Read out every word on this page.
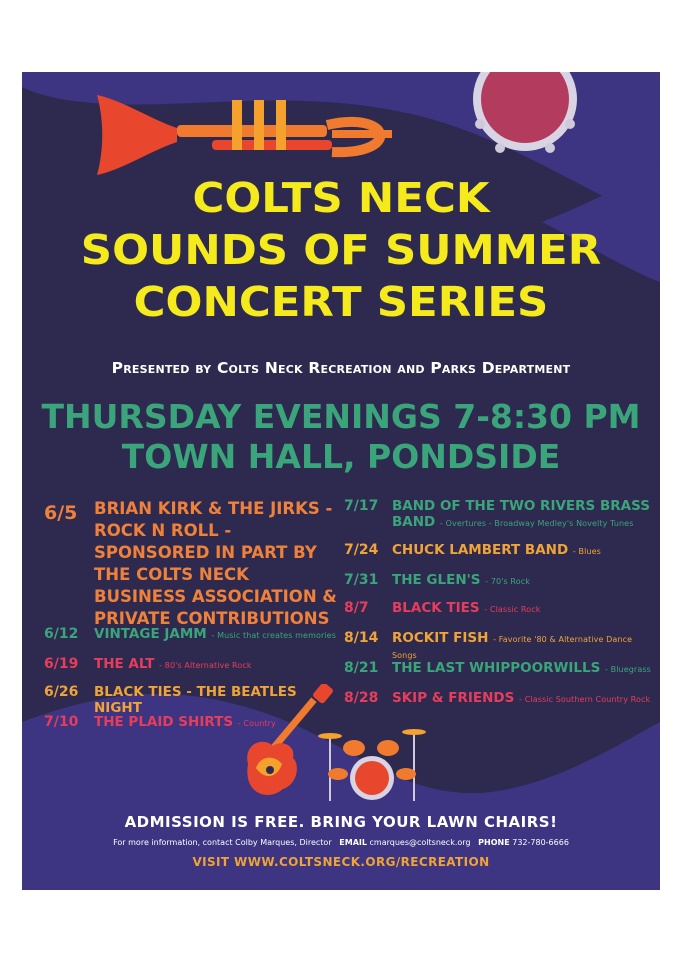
COLTS NECK
SOUNDS OF SUMMER
CONCERT SERIES
Presented by Colts Neck Recreation and Parks Department
THURSDAY EVENINGS 7-8:30 PM
TOWN HALL, PONDSIDE
6/5 BRIAN KIRK & THE JIRKS - ROCK N ROLL - SPONSORED IN PART BY THE COLTS NECK BUSINESS ASSOCIATION & PRIVATE CONTRIBUTIONS
6/12 VINTAGE JAMM - Music that creates memories
6/19 THE ALT - 80's Alternative Rock
6/26 BLACK TIES - THE BEATLES NIGHT
7/10 THE PLAID SHIRTS - Country
7/17 BAND OF THE TWO RIVERS BRASS BAND - Overtures - Broadway Medley's Novelty Tunes
7/24 CHUCK LAMBERT BAND - Blues
7/31 THE GLEN'S - 70's Rock
8/7 BLACK TIES - Classic Rock
8/14 ROCKIT FISH - Favorite '80 & Alternative Dance Songs
8/21 THE LAST WHIPPOORWILLS - Bluegrass
8/28 SKIP & FRIENDS - Classic Southern Country Rock
ADMISSION IS FREE. BRING YOUR LAWN CHAIRS!
For more information, contact Colby Marques, Director EMAIL cmarques@coltsneck.org PHONE 732-780-6666
VISIT WWW.COLTSNECK.ORG/RECREATION
